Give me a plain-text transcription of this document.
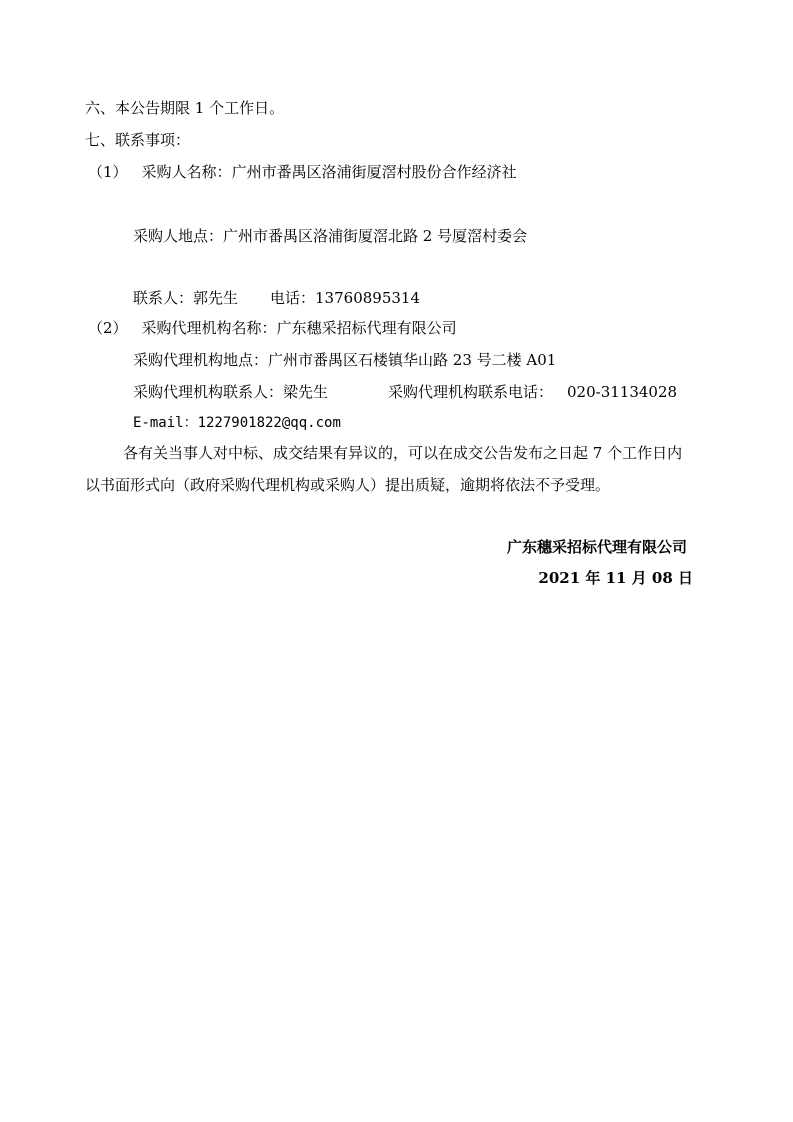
六、本公告期限 1 个工作日。
七、联系事项：
（1） 采购人名称：广州市番禺区洛浦街厦滘村股份合作经济社
采购人地点：广州市番禺区洛浦街厦滘北路 2 号厦滘村委会
联系人：郭先生 电话：13760895314
（2） 采购代理机构名称：广东穗采招标代理有限公司
采购代理机构地点：广州市番禺区石楼镇华山路 23 号二楼 A01
采购代理机构联系人：梁先生	采购代理机构联系电话： 020-31134028
E-mail：1227901822@qq.com
各有关当事人对中标、成交结果有异议的，可以在成交公告发布之日起 7 个工作日内
以书面形式向（政府采购代理机构或采购人）提出质疑，逾期将依法不予受理。
广东穗采招标代理有限公司
2021 年 11 月 08 日
